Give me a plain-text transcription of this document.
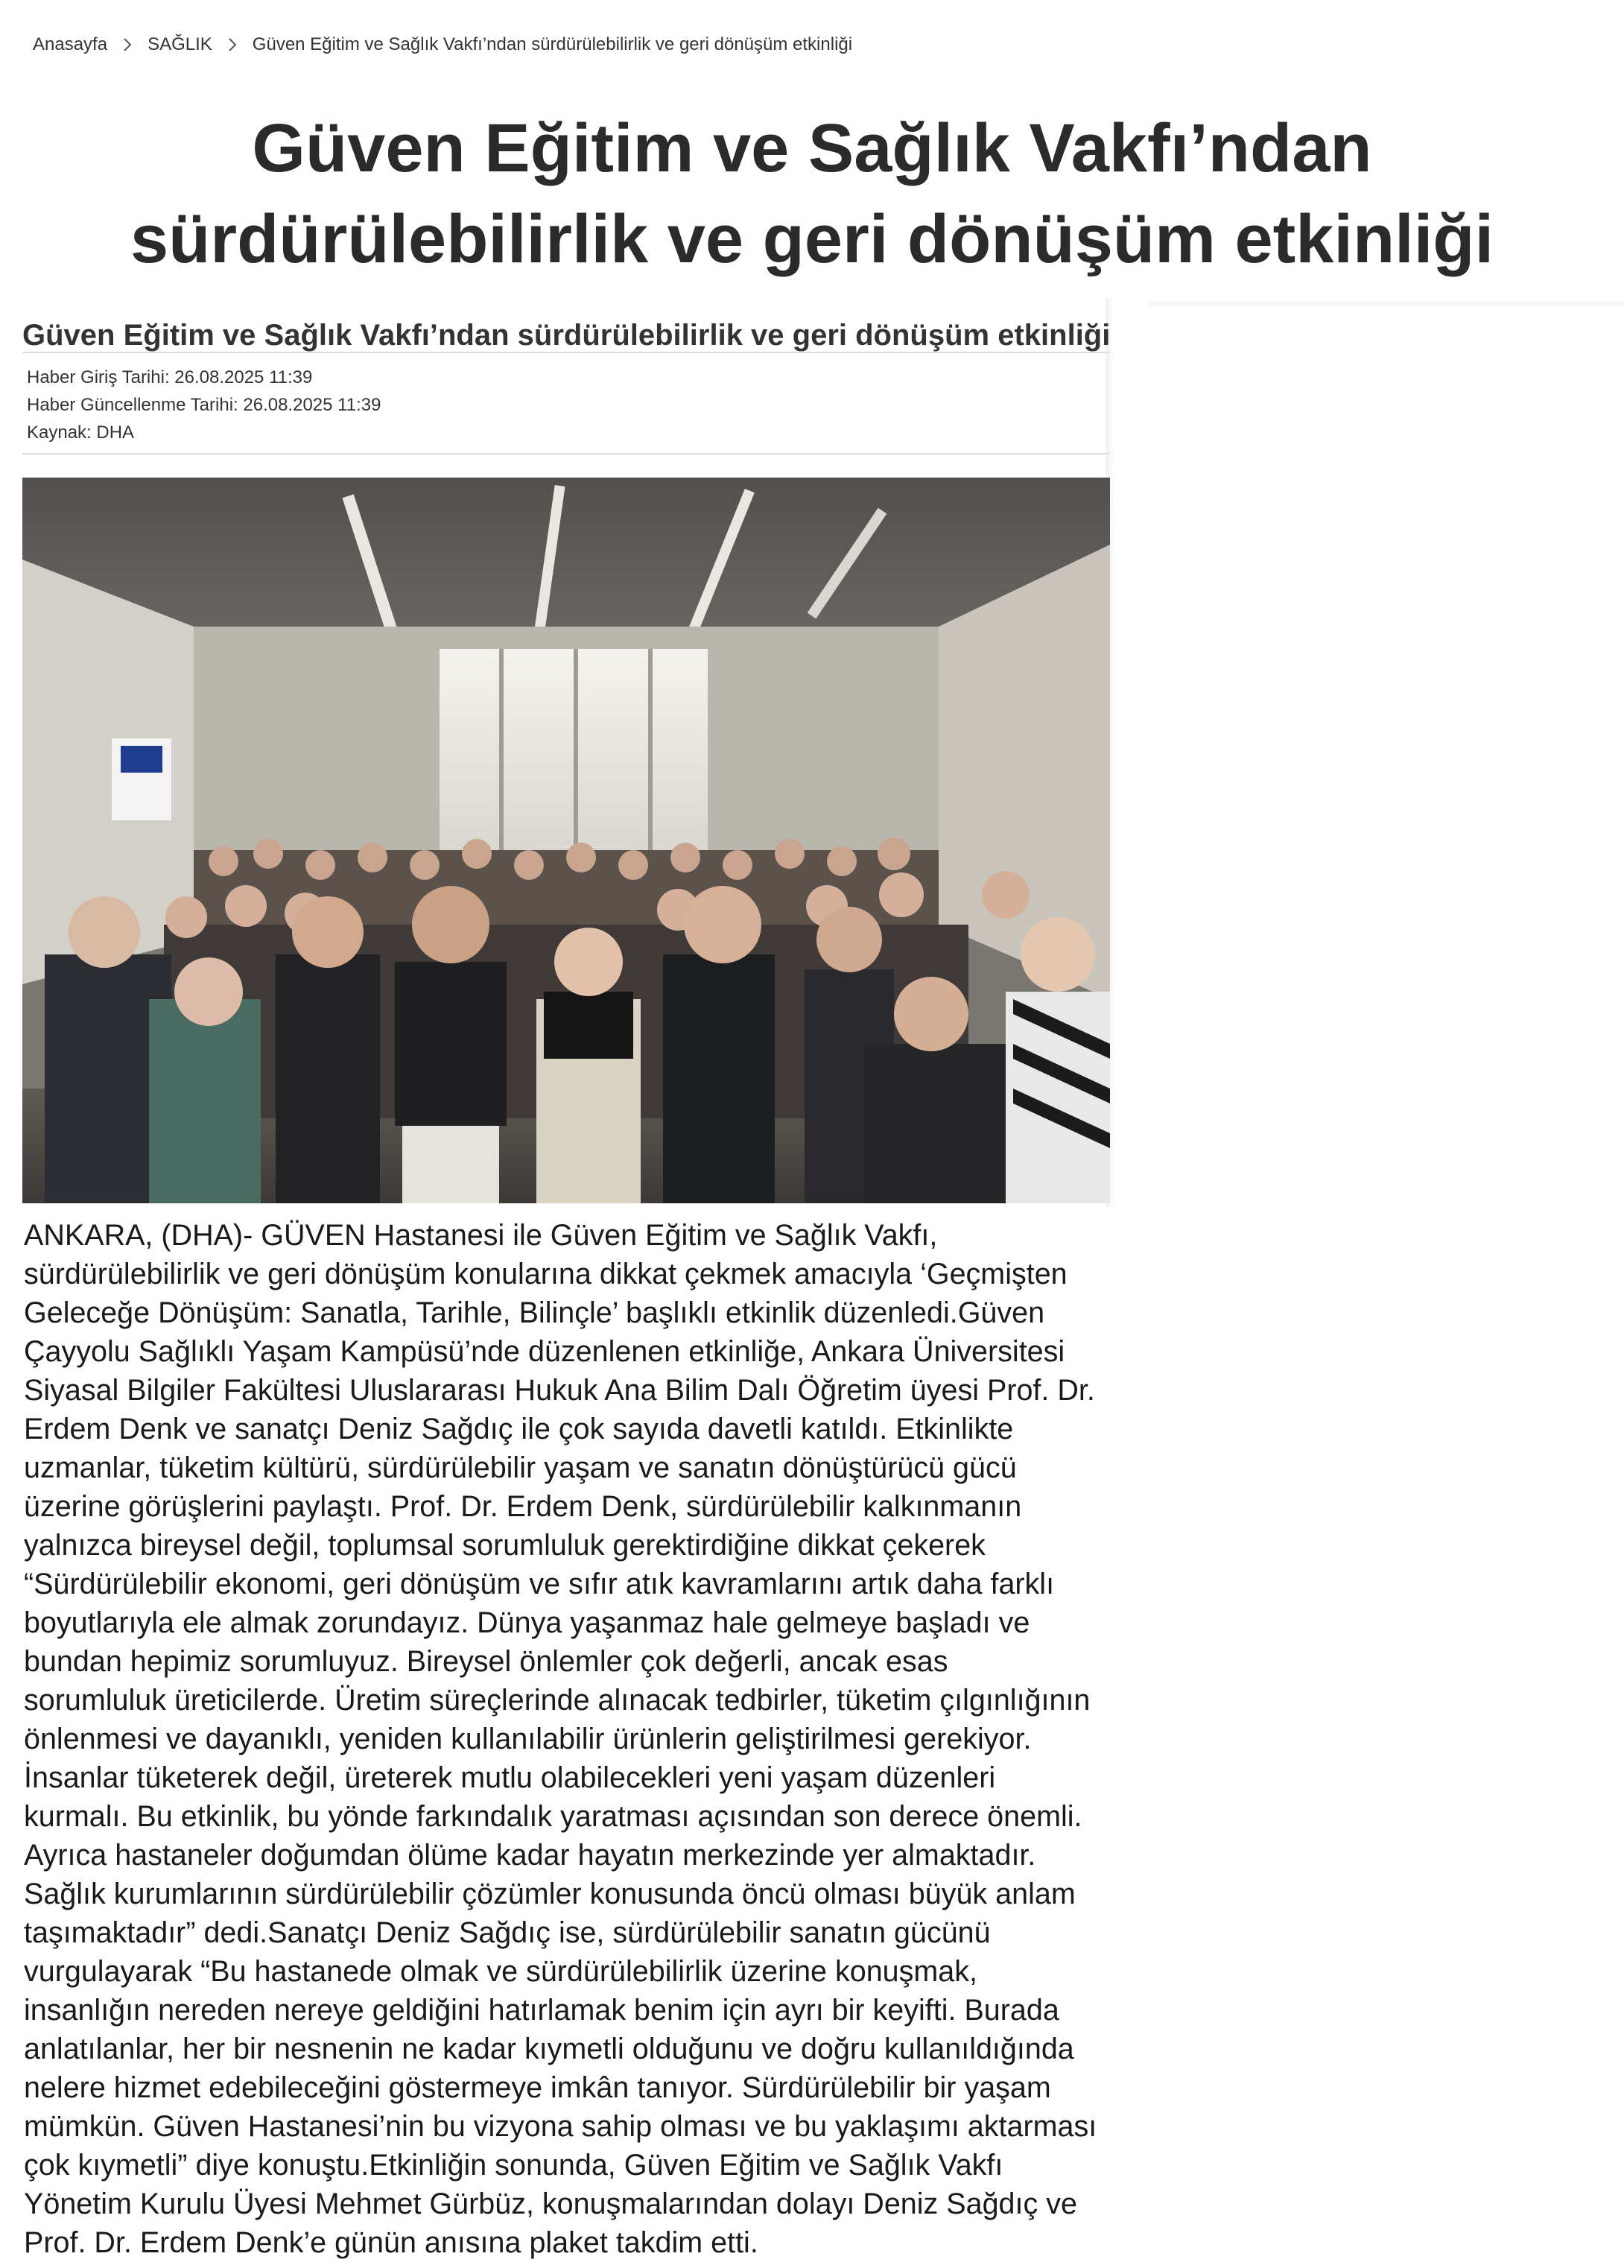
Anasayfa SAĞLIK Güven Eğitim ve Sağlık Vakfı’ndan sürdürülebilirlik ve geri dönüşüm etkinliği
Güven Eğitim ve Sağlık Vakfı’ndan
sürdürülebilirlik ve geri dönüşüm etkinliği
Güven Eğitim ve Sağlık Vakfı’ndan sürdürülebilirlik ve geri dönüşüm etkinliği
Haber Giriş Tarihi: 26.08.2025 11:39
Haber Güncellenme Tarihi: 26.08.2025 11:39
Kaynak: DHA
ANKARA, (DHA)- GÜVEN Hastanesi ile Güven Eğitim ve Sağlık Vakfı,
sürdürülebilirlik ve geri dönüşüm konularına dikkat çekmek amacıyla ‘Geçmişten
Geleceğe Dönüşüm: Sanatla, Tarihle, Bilinçle’ başlıklı etkinlik düzenledi.Güven
Çayyolu Sağlıklı Yaşam Kampüsü’nde düzenlenen etkinliğe, Ankara Üniversitesi
Siyasal Bilgiler Fakültesi Uluslararası Hukuk Ana Bilim Dalı Öğretim üyesi Prof. Dr.
Erdem Denk ve sanatçı Deniz Sağdıç ile çok sayıda davetli katıldı. Etkinlikte
uzmanlar, tüketim kültürü, sürdürülebilir yaşam ve sanatın dönüştürücü gücü
üzerine görüşlerini paylaştı. Prof. Dr. Erdem Denk, sürdürülebilir kalkınmanın
yalnızca bireysel değil, toplumsal sorumluluk gerektirdiğine dikkat çekerek
“Sürdürülebilir ekonomi, geri dönüşüm ve sıfır atık kavramlarını artık daha farklı
boyutlarıyla ele almak zorundayız. Dünya yaşanmaz hale gelmeye başladı ve
bundan hepimiz sorumluyuz. Bireysel önlemler çok değerli, ancak esas
sorumluluk üreticilerde. Üretim süreçlerinde alınacak tedbirler, tüketim çılgınlığının
önlenmesi ve dayanıklı, yeniden kullanılabilir ürünlerin geliştirilmesi gerekiyor.
İnsanlar tüketerek değil, üreterek mutlu olabilecekleri yeni yaşam düzenleri
kurmalı. Bu etkinlik, bu yönde farkındalık yaratması açısından son derece önemli.
Ayrıca hastaneler doğumdan ölüme kadar hayatın merkezinde yer almaktadır.
Sağlık kurumlarının sürdürülebilir çözümler konusunda öncü olması büyük anlam
taşımaktadır” dedi.Sanatçı Deniz Sağdıç ise, sürdürülebilir sanatın gücünü
vurgulayarak “Bu hastanede olmak ve sürdürülebilirlik üzerine konuşmak,
insanlığın nereden nereye geldiğini hatırlamak benim için ayrı bir keyifti. Burada
anlatılanlar, her bir nesnenin ne kadar kıymetli olduğunu ve doğru kullanıldığında
nelere hizmet edebileceğini göstermeye imkân tanıyor. Sürdürülebilir bir yaşam
mümkün. Güven Hastanesi’nin bu vizyona sahip olması ve bu yaklaşımı aktarması
çok kıymetli” diye konuştu.Etkinliğin sonunda, Güven Eğitim ve Sağlık Vakfı
Yönetim Kurulu Üyesi Mehmet Gürbüz, konuşmalarından dolayı Deniz Sağdıç ve
Prof. Dr. Erdem Denk’e günün anısına plaket takdim etti.
